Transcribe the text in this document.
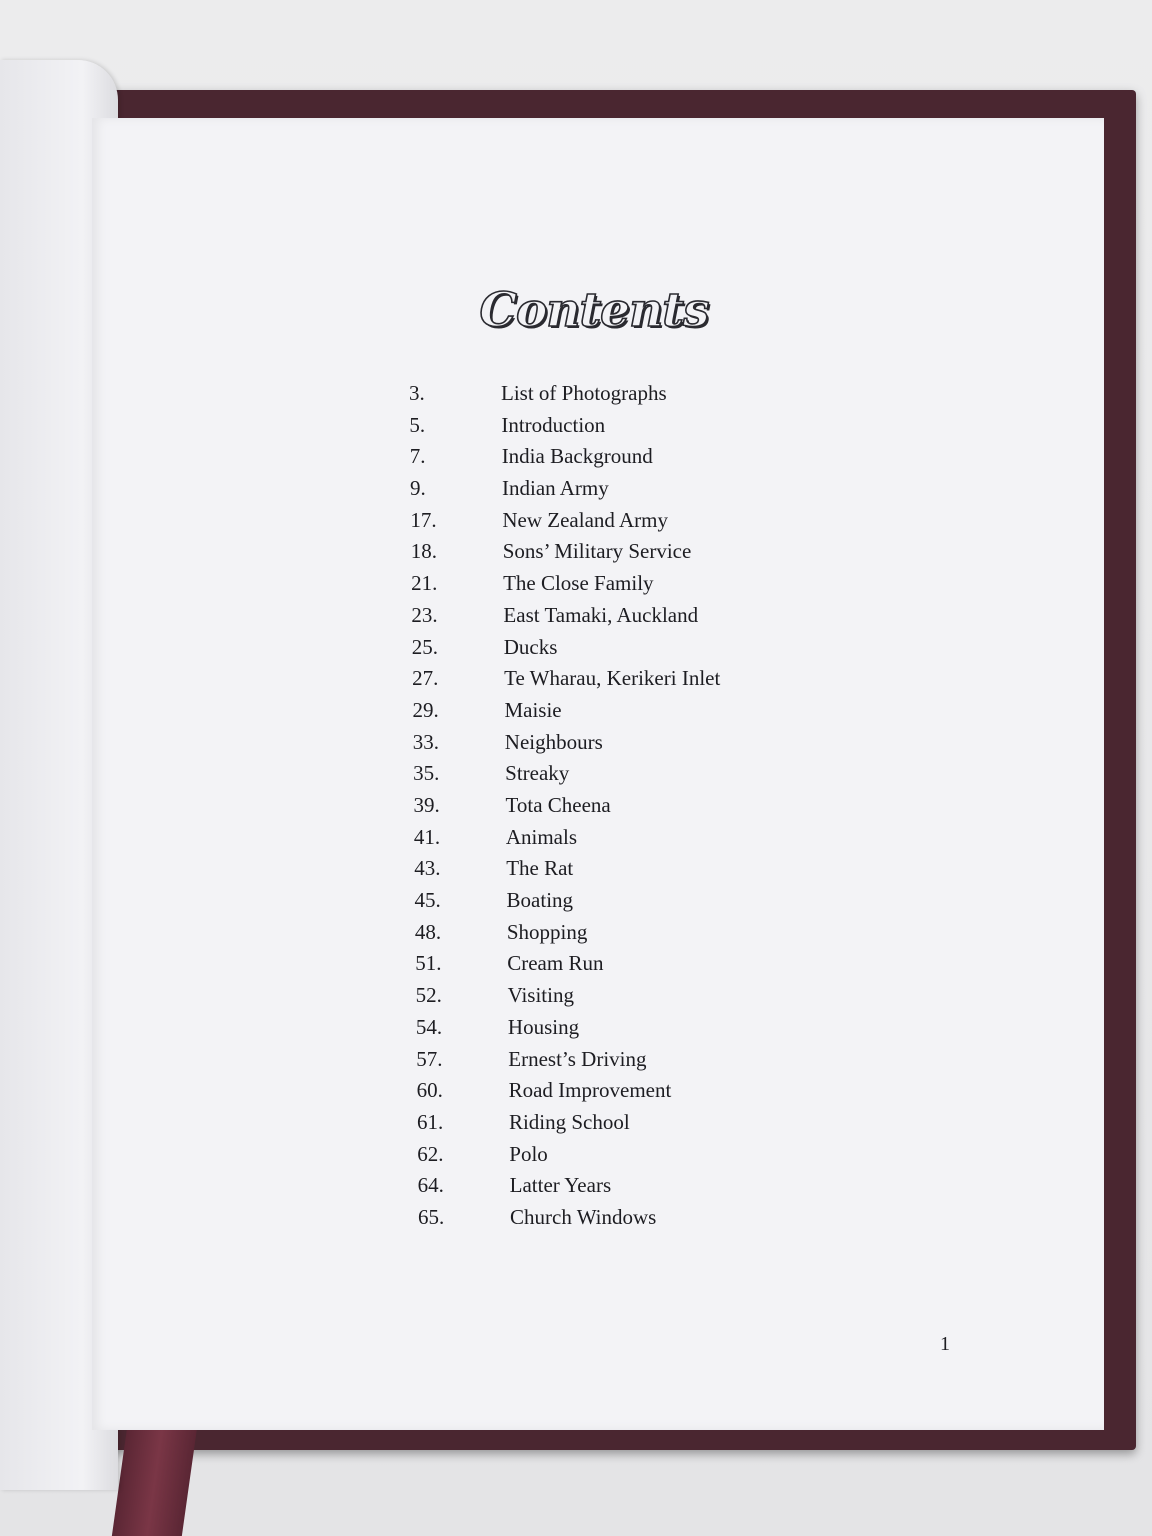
Contents
3.	List of Photographs
5.	Introduction
7.	India Background
9.	Indian Army
17.	New Zealand Army
18.	Sons’ Military Service
21.	The Close Family
23.	East Tamaki, Auckland
25.	Ducks
27.	Te Wharau, Kerikeri Inlet
29.	Maisie
33.	Neighbours
35.	Streaky
39.	Tota Cheena
41.	Animals
43.	The Rat
45.	Boating
48.	Shopping
51.	Cream Run
52.	Visiting
54.	Housing
57.	Ernest’s Driving
60.	Road Improvement
61.	Riding School
62.	Polo
64.	Latter Years
65.	Church Windows
1
